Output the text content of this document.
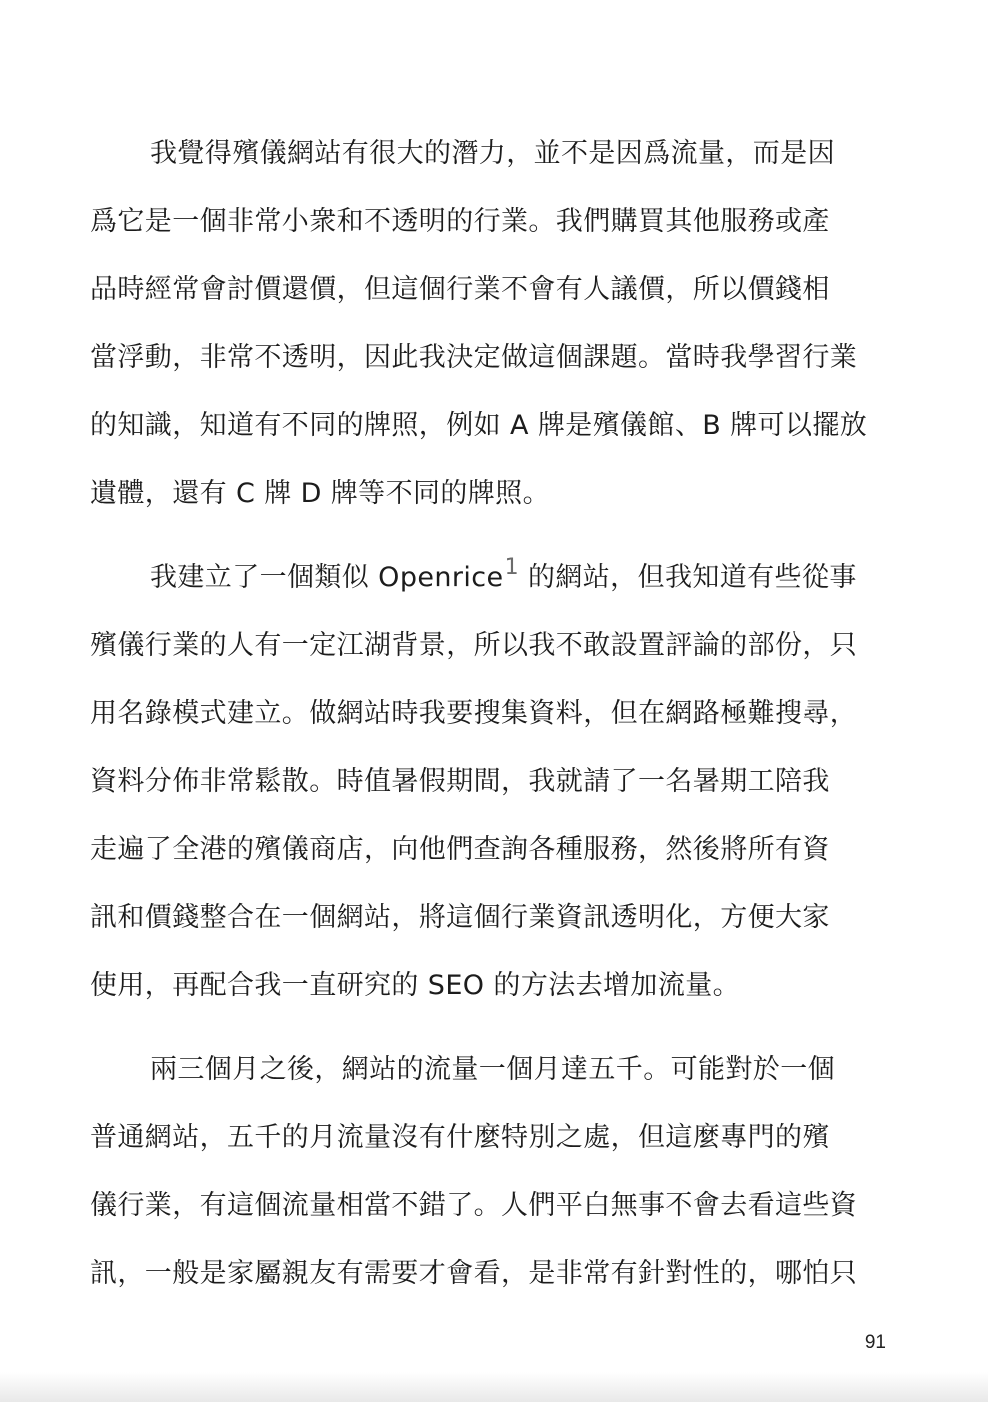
我覺得殯儀網站有很大的潛力，並不是因爲流量，而是因
爲它是一個非常小衆和不透明的行業。我們購買其他服務或產
品時經常會討價還價，但這個行業不會有人議價，所以價錢相
當浮動，非常不透明，因此我決定做這個課題。當時我學習行業
的知識，知道有不同的牌照，例如 A 牌是殯儀館、B 牌可以擺放
遺體，還有 C 牌 D 牌等不同的牌照。
我建立了一個類似 Openrice$^1$ 的網站，但我知道有些從事
殯儀行業的人有一定江湖背景，所以我不敢設置評論的部份，只
用名錄模式建立。做網站時我要搜集資料，但在網路極難搜尋，
資料分佈非常鬆散。時值暑假期間，我就請了一名暑期工陪我
走遍了全港的殯儀商店，向他們查詢各種服務，然後將所有資
訊和價錢整合在一個網站，將這個行業資訊透明化，方便大家
使用，再配合我一直研究的 SEO 的方法去增加流量。
兩三個月之後，網站的流量一個月達五千。可能對於一個
普通網站，五千的月流量沒有什麼特別之處，但這麼專門的殯
儀行業，有這個流量相當不錯了。人們平白無事不會去看這些資
訊，一般是家屬親友有需要才會看，是非常有針對性的，哪怕只
91
